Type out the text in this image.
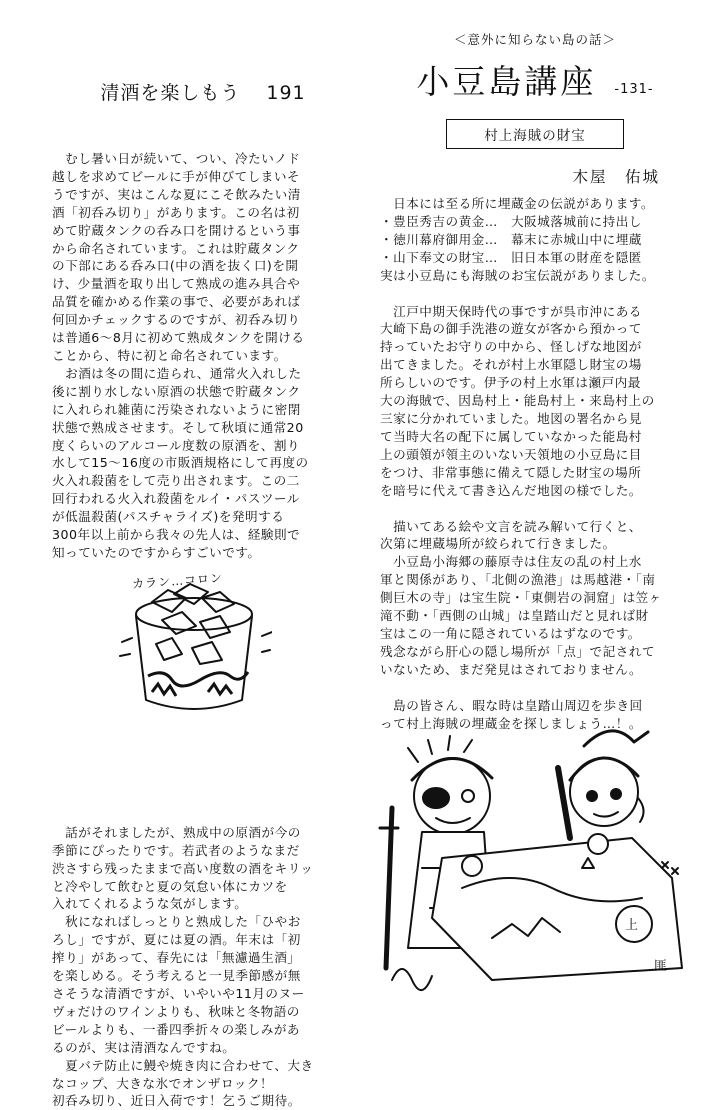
清酒を楽しもう 191

　むし暑い日が続いて、つい、冷たいノド
越しを求めてビールに手が伸びてしまいそ
うですが、実はこんな夏にこそ飲みたい清
酒「初呑み切り」があります。この名は初
めて貯蔵タンクの呑み口を開けるという事
から命名されています。これは貯蔵タンク
の下部にある呑み口(中の酒を抜く口)を開
け、少量酒を取り出して熟成の進み具合や
品質を確かめる作業の事で、必要があれば
何回かチェックするのですが、初呑み切り
は普通6～8月に初めて熟成タンクを開ける
ことから、特に初と命名されています。

　お酒は冬の間に造られ、通常火入れした
後に割り水しない原酒の状態で貯蔵タンク
に入れられ雑菌に汚染されないように密閉
状態で熟成させます。そして秋頃に通常20
度くらいのアルコール度数の原酒を、割り
水して15～16度の市販酒規格にして再度の
火入れ殺菌をして売り出されます。この二
回行われる火入れ殺菌をルイ・パスツール
が低温殺菌(パスチャライズ)を発明する
300年以上前から我々の先人は、経験則で
知っていたのですからすごいです。

カラン…コロン

　話がそれましたが、熟成中の原酒が今の
季節にぴったりです。若武者のようなまだ
渋さすら残ったままで高い度数の酒をキリッ
と冷やして飲むと夏の気怠い体にカツを
入れてくれるような気がします。

　秋になればしっとりと熟成した「ひやお
ろし」ですが、夏には夏の酒。年末は「初
搾り」があって、春先には「無濾過生酒」
を楽しめる。そう考えると一見季節感が無
さそうな清酒ですが、いやいや11月のヌー
ヴォだけのワインよりも、秋味と冬物語の
ビールよりも、一番四季折々の楽しみがあ
るのが、実は清酒なんですね。
　夏バテ防止に鰻や焼き肉に合わせて、大き
なコップ、大きな氷でオンザロック！
初呑み切り、近日入荷です！乞うご期待。

＜意外に知らない島の話＞
小豆島講座 -131-
村上海賊の財宝
木屋　佑城

　日本には至る所に埋蔵金の伝説があります。
・豊臣秀吉の黄金…　大阪城落城前に持出し
・徳川幕府御用金…　幕末に赤城山中に埋蔵
・山下奉文の財宝…　旧日本軍の財産を隠匿
実は小豆島にも海賊のお宝伝説がありました。

　江戸中期天保時代の事ですが呉市沖にある
大崎下島の御手洗港の遊女が客から預かって
持っていたお守りの中から、怪しげな地図が
出てきました。それが村上水軍隠し財宝の場
所らしいのです。伊予の村上水軍は瀬戸内最
大の海賊で、因島村上・能島村上・来島村上の
三家に分かれていました。地図の署名から見
て当時大名の配下に属していなかった能島村
上の頭領が領主のいない天領地の小豆島に目
をつけ、非常事態に備えて隠した財宝の場所
を暗号に代えて書き込んだ地図の様でした。

　描いてある絵や文言を読み解いて行くと、
次第に埋蔵場所が絞られて行きました。
　小豆島小海郷の藤原寺は住友の乱の村上水
軍と関係があり、「北側の漁港」は馬越港・「南
側巨木の寺」は宝生院・「東側岩の洞窟」は笠ヶ
滝不動・「西側の山城」は皇踏山だと見れば財
宝はこの一角に隠されているはずなのです。
残念ながら肝心の隠し場所が「点」で記されて
いないため、まだ発見はされておりません。

　島の皆さん、暇な時は皇踏山周辺を歩き回
って村上海賊の埋蔵金を探しましょう…！。

上
匪
